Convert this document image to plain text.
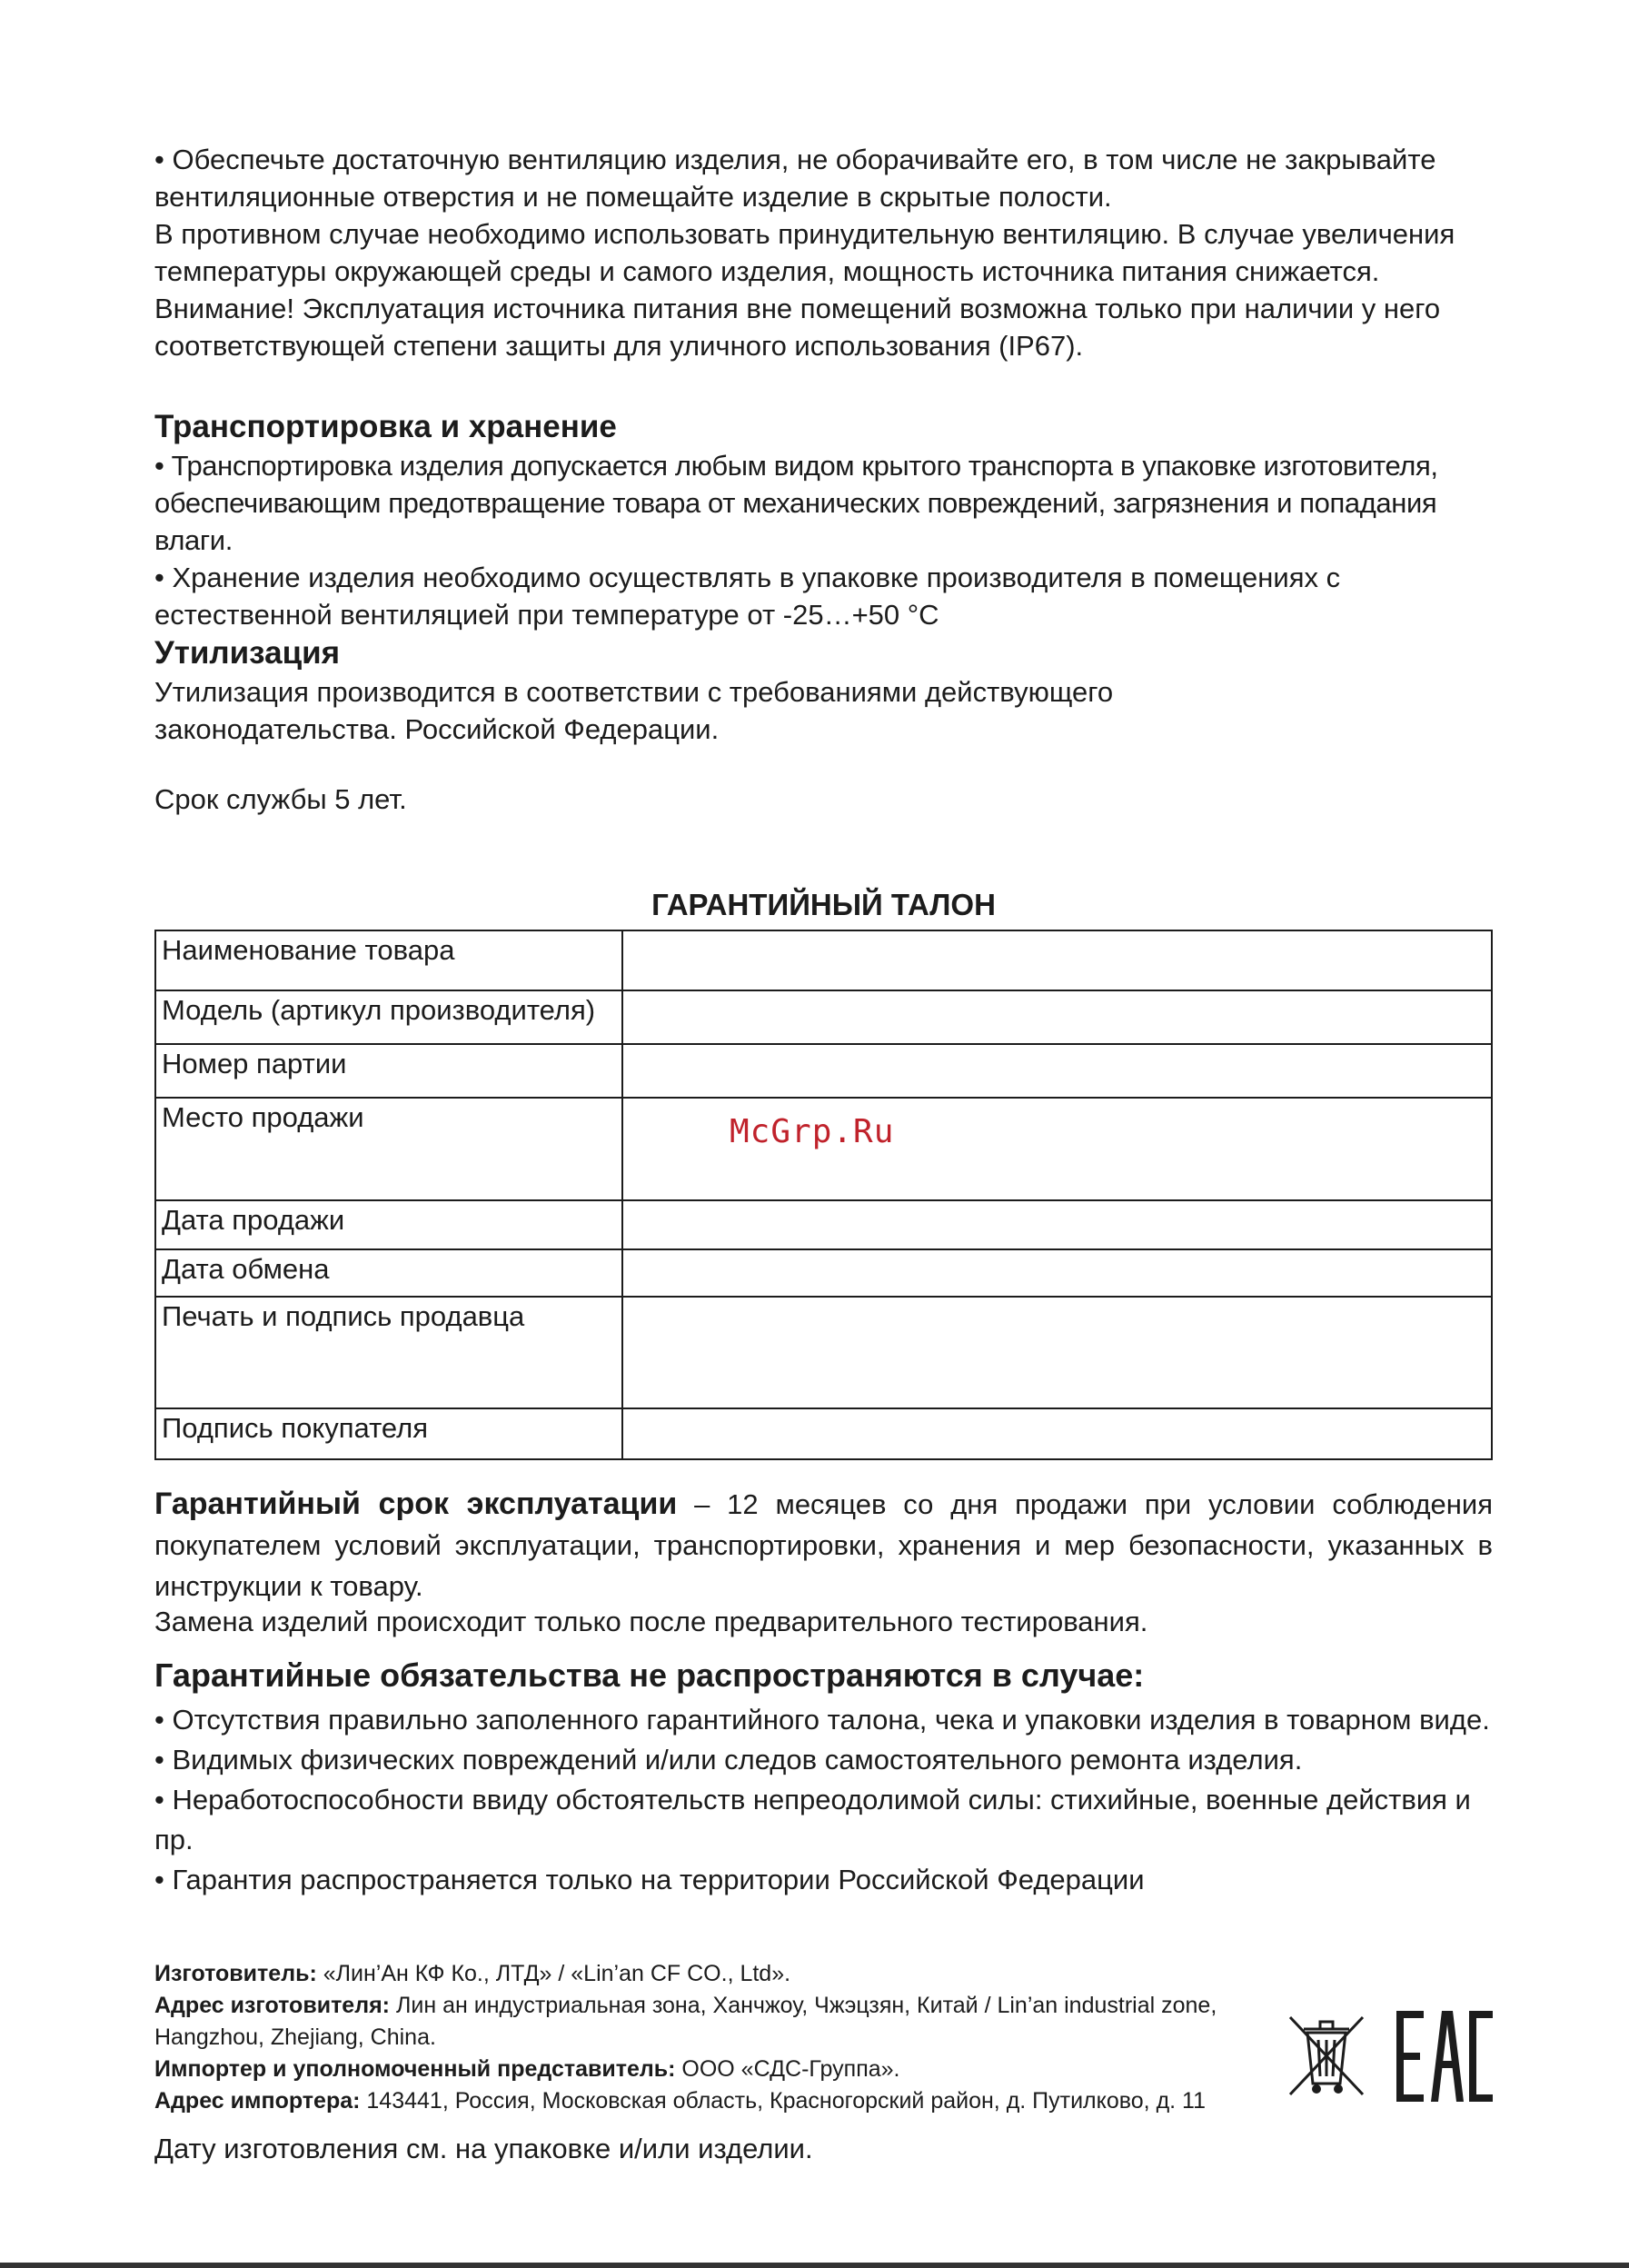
• Обеспечьте достаточную вентиляцию изделия, не оборачивайте его, в том числе не закрывайте вентиляционные отверстия и не помещайте изделие в скрытые полости.

В противном случае необходимо использовать принудительную вентиляцию. В случае увеличения температуры окружающей среды и самого изделия, мощность источника питания снижается.

Внимание! Эксплуатация источника питания вне помещений возможна только при наличии у него соответствующей степени защиты для уличного использования (IP67).

Транспортировка и хранение

• Транспортировка изделия допускается любым видом крытого транспорта в упаковке изготовителя, обеспечивающим предотвращение товара от механических повреждений, загрязнения и попадания влаги.

• Хранение изделия необходимо осуществлять в упаковке производителя в помещениях с естественной вентиляцией при температуре от -25…+50 °С

Утилизация

Утилизация производится в соответствии с требованиями действующего законодательства. Российской Федерации.

Срок службы 5 лет.

ГАРАНТИЙНЫЙ ТАЛОН
Наименование товара	
Модель (артикул производителя)	
Номер партии	
Место продажи	
Дата продажи	
Дата обмена	
Печать и подпись продавца	
Подпись покупателя	

Гарантийный срок эксплуатации – 12 месяцев со дня продажи при условии соблюдения покупателем условий эксплуатации, транспортировки, хранения и мер безопасности, указанных в инструкции к товару.

Замена изделий происходит только после предварительного тестирования.

Гарантийные обязательства не распространяются в случае:
• Отсутствия правильно заполенного гарантийного талона, чека и упаковки изделия в товарном виде.
• Видимых физических повреждений и/или следов самостоятельного ремонта изделия.
• Неработоспособности ввиду обстоятельств непреодолимой силы: стихийные, военные действия и пр.
• Гарантия распространяется только на территории Российской Федерации

Изготовитель: «Лин’Ан КФ Ко., ЛТД» / «Lin’an CF CO., Ltd».

Адрес изготовителя: Лин ан индустриальная зона, Ханчжоу, Чжэцзян, Китай / Lin’an industrial zone, Hangzhou, Zhejiang, China.

Импортер и уполномоченный представитель: ООО «СДС-Группа».

Адрес импортера: 143441, Россия, Московская область, Красногорский район, д. Путилково, д. 11

Дату изготовления см. на упаковке и/или изделии.

McGrp.Ru
